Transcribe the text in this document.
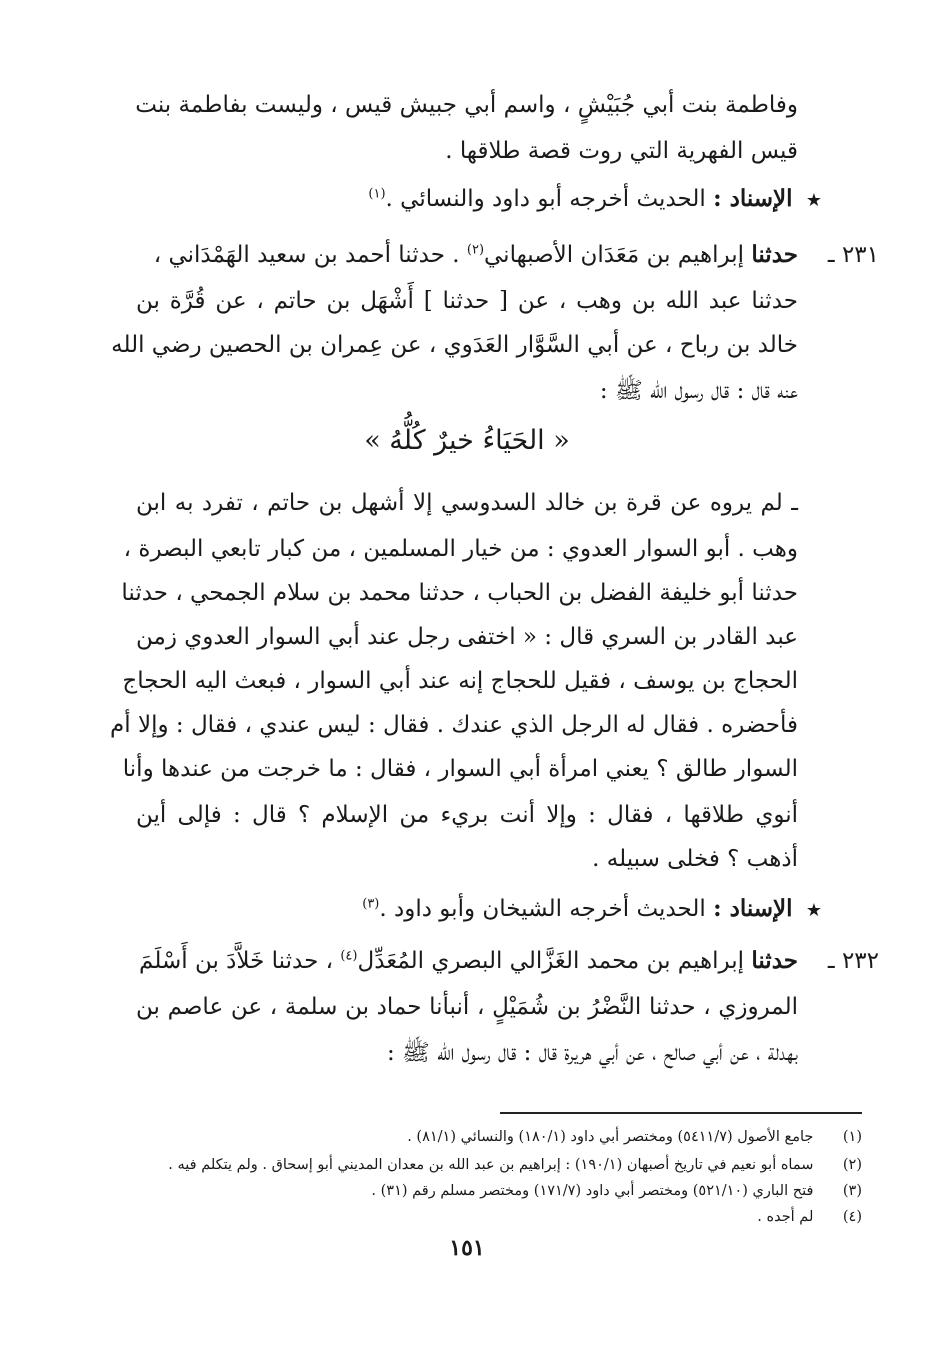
وفاطمة بنت أبي جُبَيْشٍ ، واسم أبي جبيش قيس ، وليست بفاطمة بنت
قيس الفهرية التي روت قصة طلاقها .
★ الإسناد : الحديث أخرجه أبو داود والنسائي .$^{(١)}$
٢٣١ ـ
حدثنا إبراهيم بن مَعَدَان الأصبهاني$^{(٢)}$ . حدثنا أحمد بن سعيد الهَمْدَاني ،
حدثنا عبد الله بن وهب ، عن [ حدثنا ] أَشْهَل بن حاتم ، عن قُرَّة بن
خالد بن رباح ، عن أبي السَّوَّار العَدَوي ، عن عِمران بن الحصين رضي الله
عنه قال : قال رسول الله ﷺ :
« الحَيَاءُ خيرٌ كُلُّهُ »
ـ لم يروه عن قرة بن خالد السدوسي إلا أشهل بن حاتم ، تفرد به ابن
وهب . أبو السوار العدوي : من خيار المسلمين ، من كبار تابعي البصرة ،
حدثنا أبو خليفة الفضل بن الحباب ، حدثنا محمد بن سلام الجمحي ، حدثنا
عبد القادر بن السري قال : « اختفى رجل عند أبي السوار العدوي زمن
الحجاج بن يوسف ، فقيل للحجاج إنه عند أبي السوار ، فبعث اليه الحجاج
فأحضره . فقال له الرجل الذي عندك . فقال : ليس عندي ، فقال : وإلا أم
السوار طالق ؟ يعني امرأة أبي السوار ، فقال : ما خرجت من عندها وأنا
أنوي طلاقها ، فقال : وإلا أنت بريء من الإسلام ؟ قال : فإلى أين
أذهب ؟ فخلى سبيله .
★ الإسناد : الحديث أخرجه الشيخان وأبو داود .$^{(٣)}$
٢٣٢ ـ
حدثنا إبراهيم بن محمد الغَزَّالي البصري المُعَدِّل$^{(٤)}$ ، حدثنا خَلاَّدَ بن أَسْلَمَ
المروزي ، حدثنا النَّضْرُ بن شُمَيْلٍ ، أنبأنا حماد بن سلمة ، عن عاصم بن
بهدلة ، عن أبي صالح ، عن أبي هريرة قال : قال رسول الله ﷺ :
(١) جامع الأصول (٥٤١١/٧) ومختصر أبي داود (١٨٠/١) والنسائي (٨١/١) .
(٢) سماه أبو نعيم في تاريخ أصبهان (١٩٠/١) : إبراهيم بن عبد الله بن معدان المديني أبو إسحاق . ولم يتكلم فيه .
(٣) فتح الباري (٥٢١/١٠) ومختصر أبي داود (١٧١/٧) ومختصر مسلم رقم (٣١) .
(٤) لم أجده .
١٥١
